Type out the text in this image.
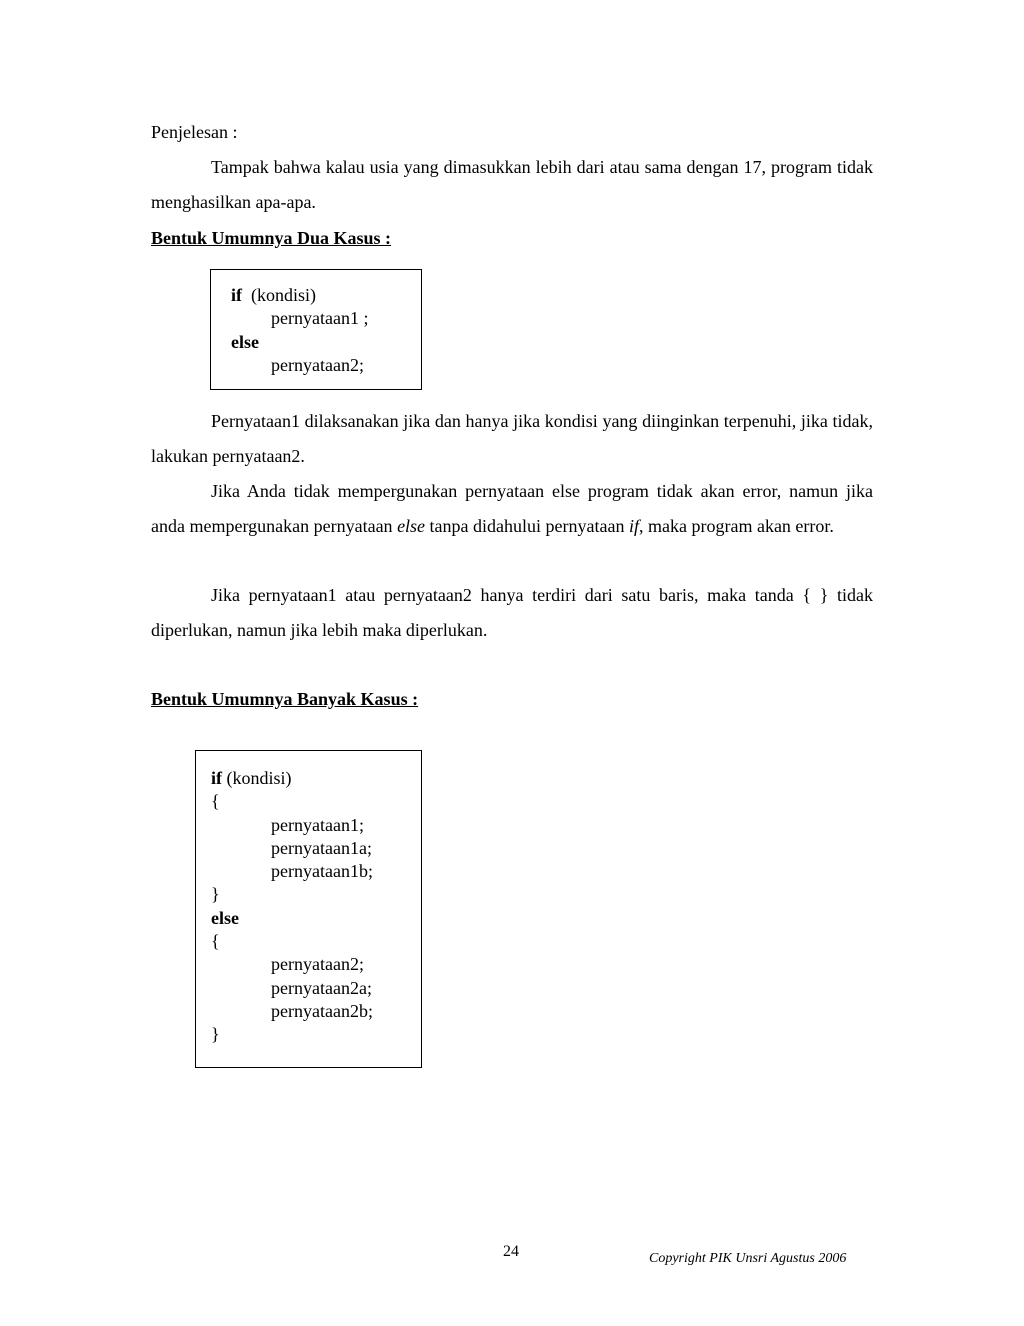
Penjelesan :
Tampak bahwa kalau usia yang dimasukkan lebih dari atau sama dengan 17, program tidak menghasilkan apa-apa.
Bentuk Umumnya Dua Kasus :
if (kondisi)
pernyataan1 ;
else
pernyataan2;
Pernyataan1 dilaksanakan jika dan hanya jika kondisi yang diinginkan terpenuhi, jika tidak, lakukan pernyataan2.
Jika Anda tidak mempergunakan pernyataan else program tidak akan error, namun jika anda mempergunakan pernyataan else tanpa didahului pernyataan if, maka program akan error.
Jika pernyataan1 atau pernyataan2 hanya terdiri dari satu baris, maka tanda { } tidak diperlukan, namun jika lebih maka diperlukan.
Bentuk Umumnya Banyak Kasus :
if (kondisi)
{
pernyataan1;
pernyataan1a;
pernyataan1b;
}
else
{
pernyataan2;
pernyataan2a;
pernyataan2b;
}
24	Copyright PIK Unsri Agustus 2006
